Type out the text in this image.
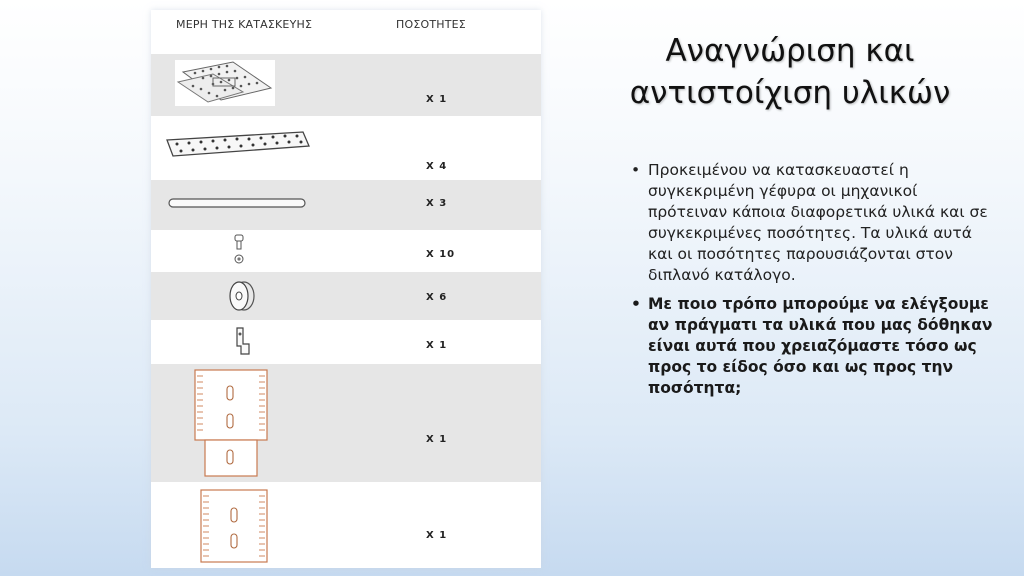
ΜΕΡΗ ΤΗΣ ΚΑΤΑΣΚΕΥΗΣ	ΠΟΣΟΤΗΤΕΣ
Χ 1
Χ 4
Χ 3
Χ 10
Χ 6
Χ 1
Χ 1
Χ 1
Αναγνώριση και αντιστοίχιση υλικών
• Προκειμένου να κατασκευαστεί η συγκεκριμένη γέφυρα οι μηχανικοί πρότειναν κάποια διαφορετικά υλικά και σε συγκεκριμένες ποσότητες. Τα υλικά αυτά και οι ποσότητες παρουσιάζονται στον διπλανό κατάλογο.
• Με ποιο τρόπο μπορούμε να ελέγξουμε αν πράγματι τα υλικά που μας δόθηκαν είναι αυτά που χρειαζόμαστε τόσο ως προς το είδος όσο και ως προς την ποσότητα;
